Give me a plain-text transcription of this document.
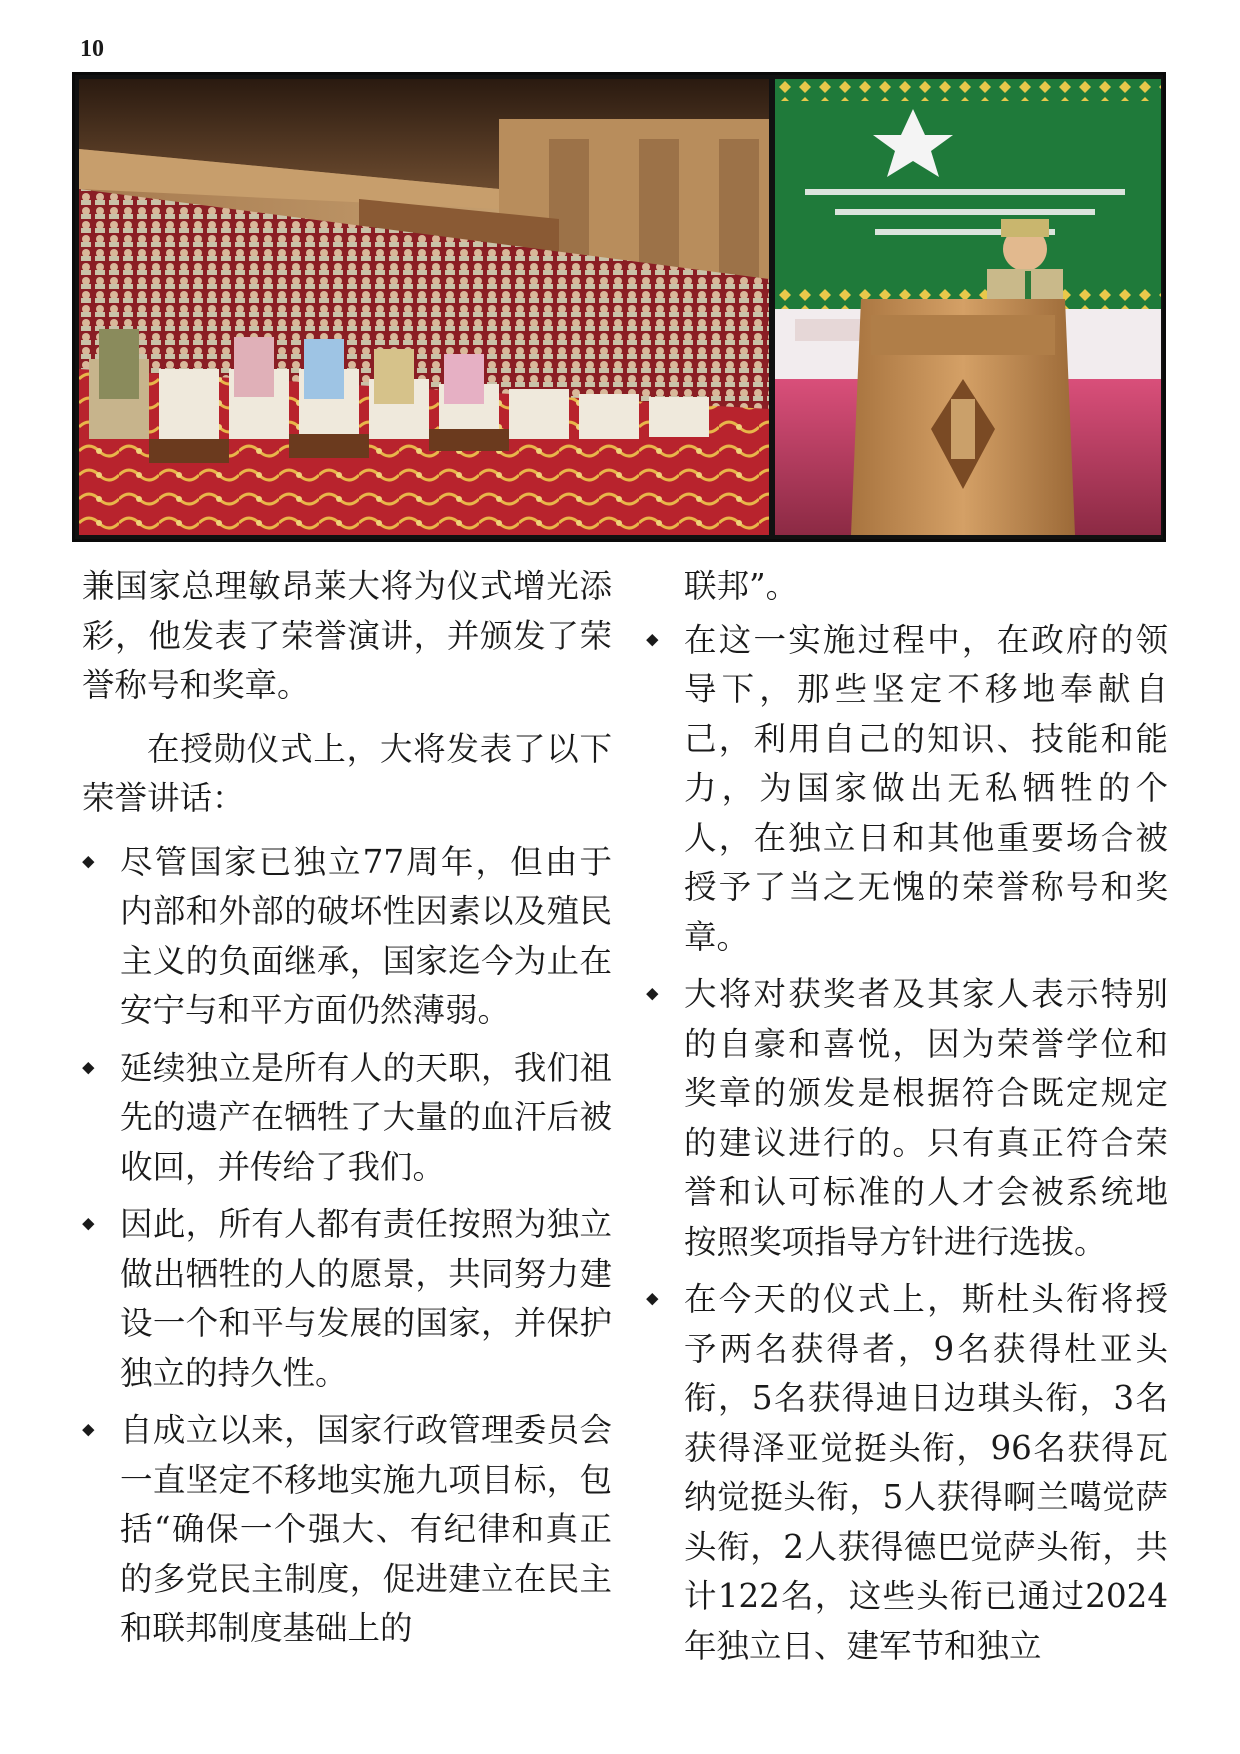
10

兼国家总理敏昂莱大将为仪式增光添彩，他发表了荣誉演讲，并颁发了荣誉称号和奖章。

在授勋仪式上，大将发表了以下荣誉讲话：

⬥ 尽管国家已独立77周年，但由于内部和外部的破坏性因素以及殖民主义的负面继承，国家迄今为止在安宁与和平方面仍然薄弱。
⬥ 延续独立是所有人的天职，我们祖先的遗产在牺牲了大量的血汗后被收回，并传给了我们。
⬥ 因此，所有人都有责任按照为独立做出牺牲的人的愿景，共同努力建设一个和平与发展的国家，并保护独立的持久性。
⬥ 自成立以来，国家行政管理委员会一直坚定不移地实施九项目标，包括“确保一个强大、有纪律和真正的多党民主制度，促进建立在民主和联邦制度基础上的

联邦”。

⬥ 在这一实施过程中，在政府的领导下，那些坚定不移地奉献自己，利用自己的知识、技能和能力，为国家做出无私牺牲的个人，在独立日和其他重要场合被授予了当之无愧的荣誉称号和奖章。
⬥ 大将对获奖者及其家人表示特别的自豪和喜悦，因为荣誉学位和奖章的颁发是根据符合既定规定的建议进行的。只有真正符合荣誉和认可标准的人才会被系统地按照奖项指导方针进行选拔。
⬥ 在今天的仪式上，斯杜头衔将授予两名获得者，9名获得杜亚头衔，5名获得迪日边琪头衔，3名获得泽亚觉挺头衔，96名获得瓦纳觉挺头衔，5人获得啊兰噶觉萨头衔，2人获得德巴觉萨头衔，共计122名，这些头衔已通过2024年独立日、建军节和独立
